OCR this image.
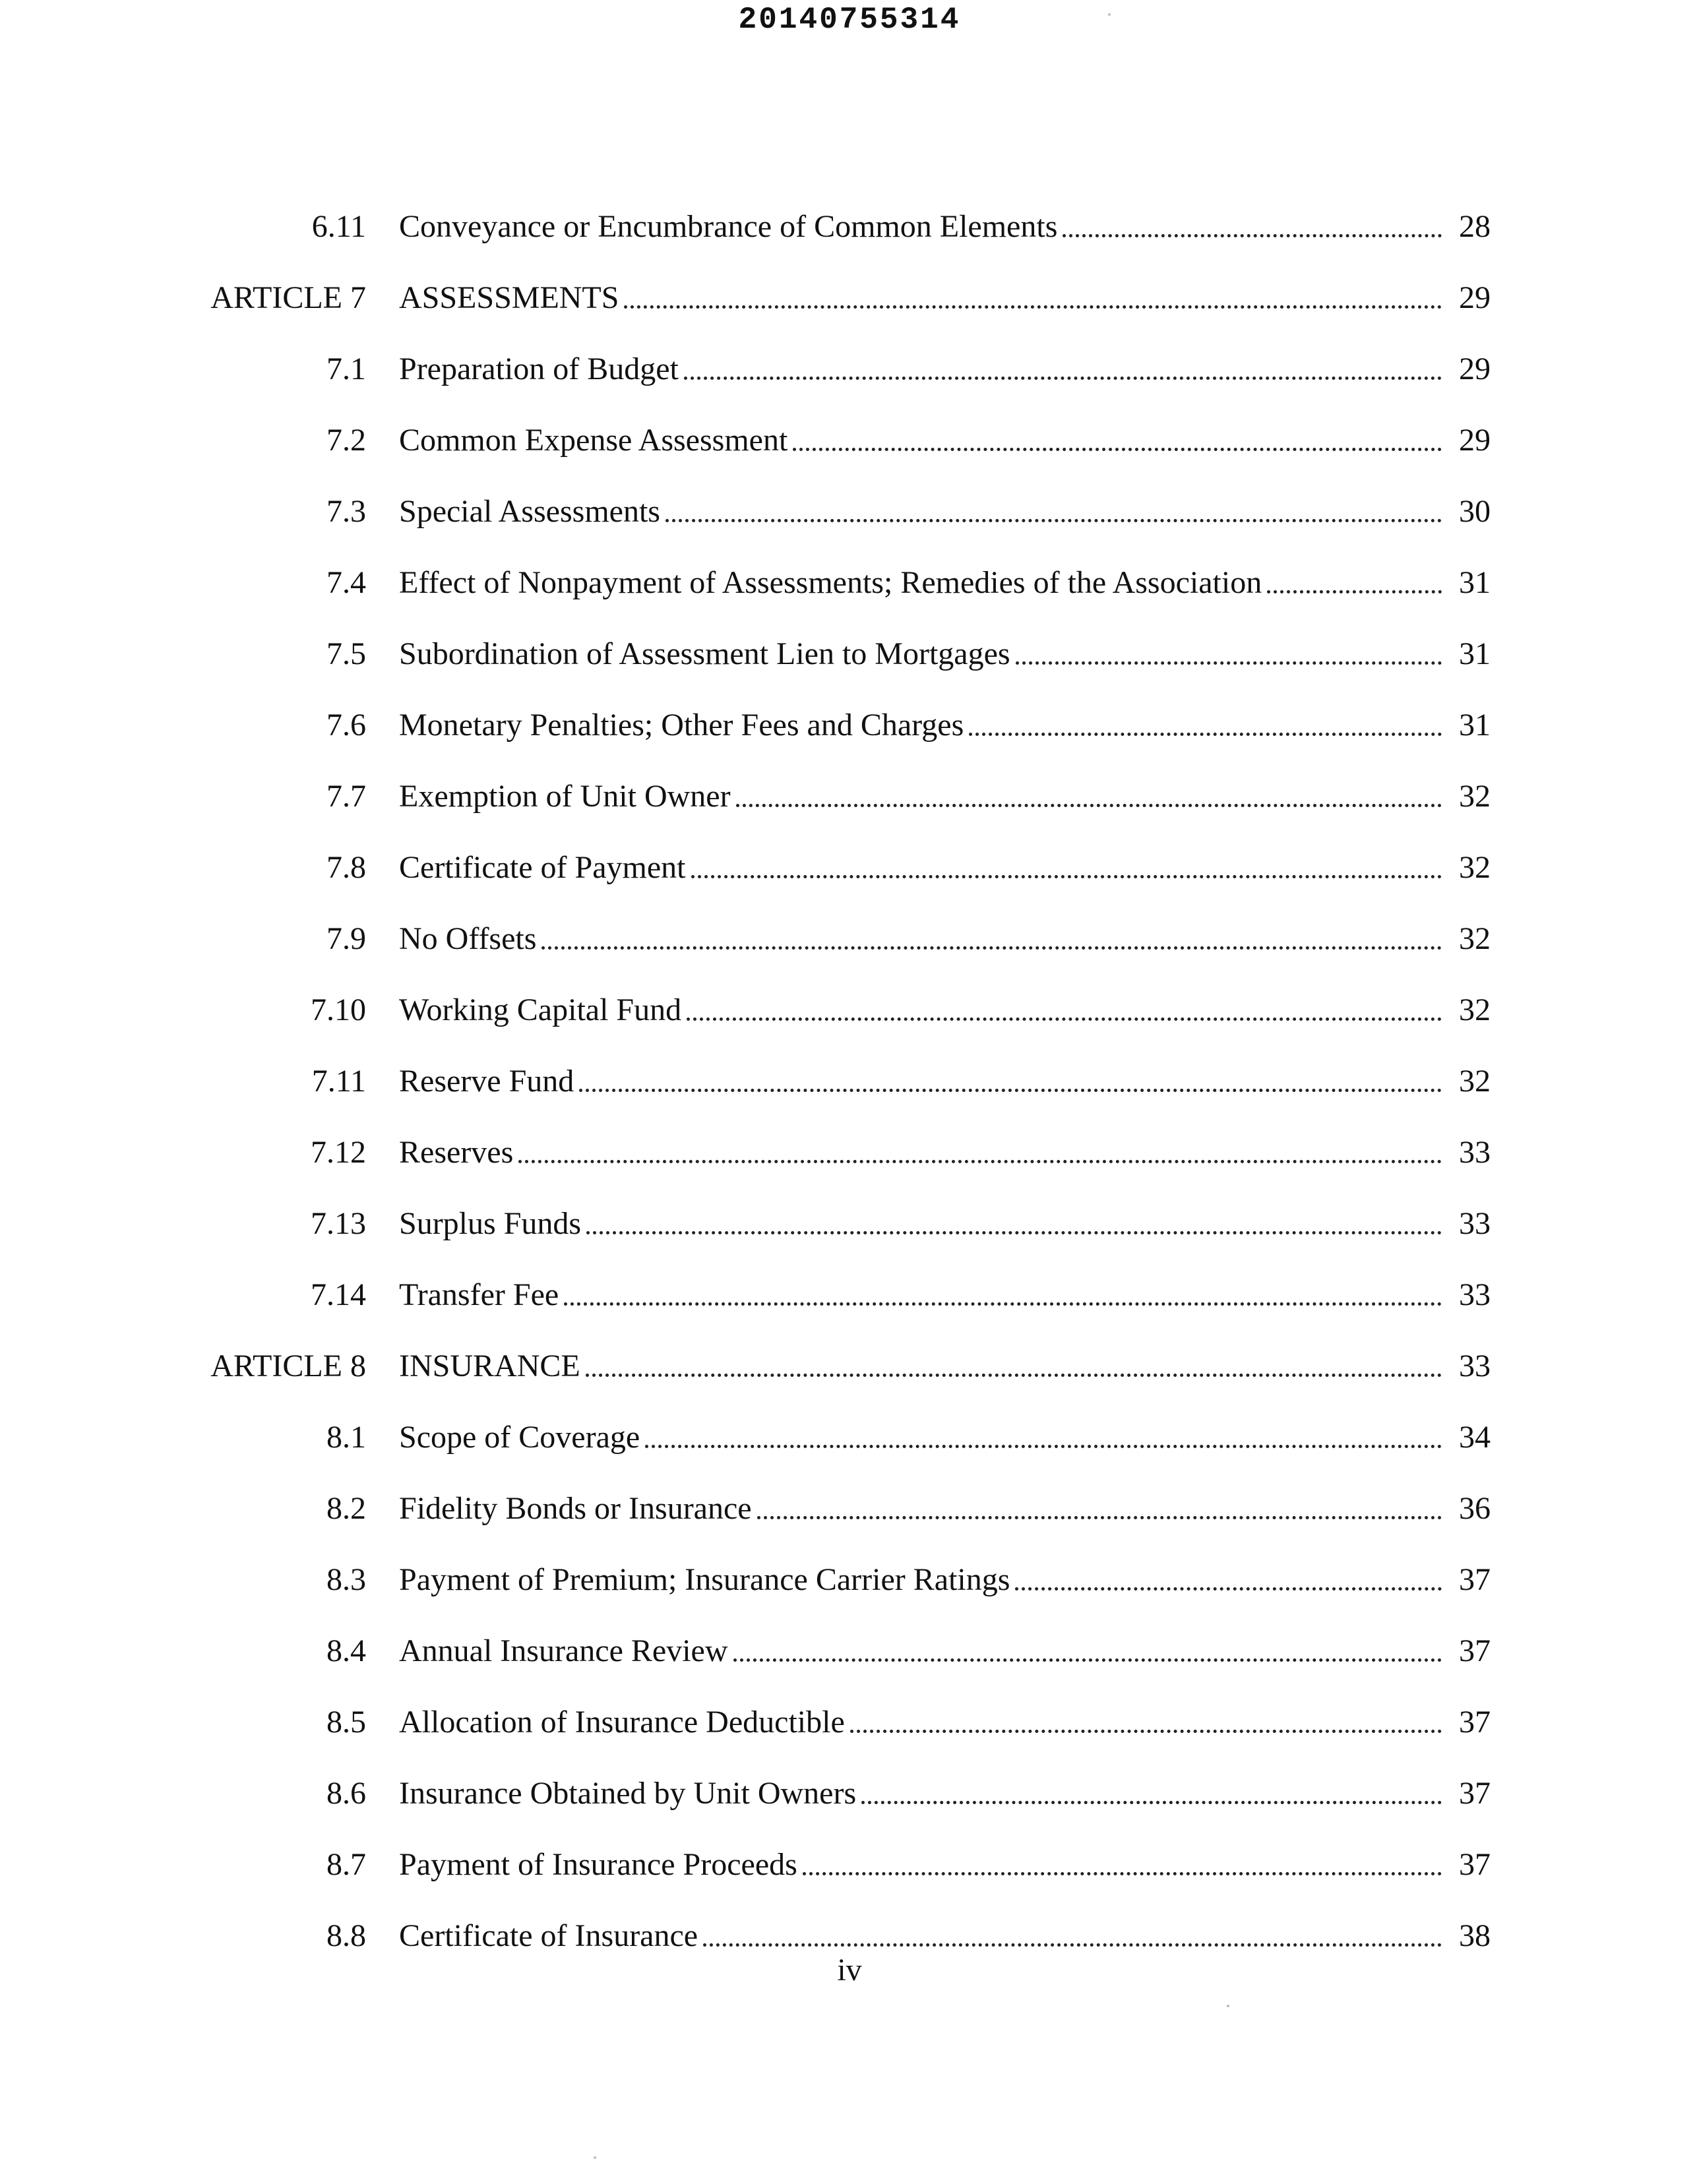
20140755314
6.11	Conveyance or Encumbrance of Common Elements	28
ARTICLE 7	ASSESSMENTS	29
7.1	Preparation of Budget	29
7.2	Common Expense Assessment	29
7.3	Special Assessments	30
7.4	Effect of Nonpayment of Assessments; Remedies of the Association	31
7.5	Subordination of Assessment Lien to Mortgages	31
7.6	Monetary Penalties; Other Fees and Charges	31
7.7	Exemption of Unit Owner	32
7.8	Certificate of Payment	32
7.9	No Offsets	32
7.10	Working Capital Fund	32
7.11	Reserve Fund	32
7.12	Reserves	33
7.13	Surplus Funds	33
7.14	Transfer Fee	33
ARTICLE 8	INSURANCE	33
8.1	Scope of Coverage	34
8.2	Fidelity Bonds or Insurance	36
8.3	Payment of Premium; Insurance Carrier Ratings	37
8.4	Annual Insurance Review	37
8.5	Allocation of Insurance Deductible	37
8.6	Insurance Obtained by Unit Owners	37
8.7	Payment of Insurance Proceeds	37
8.8	Certificate of Insurance	38
iv
